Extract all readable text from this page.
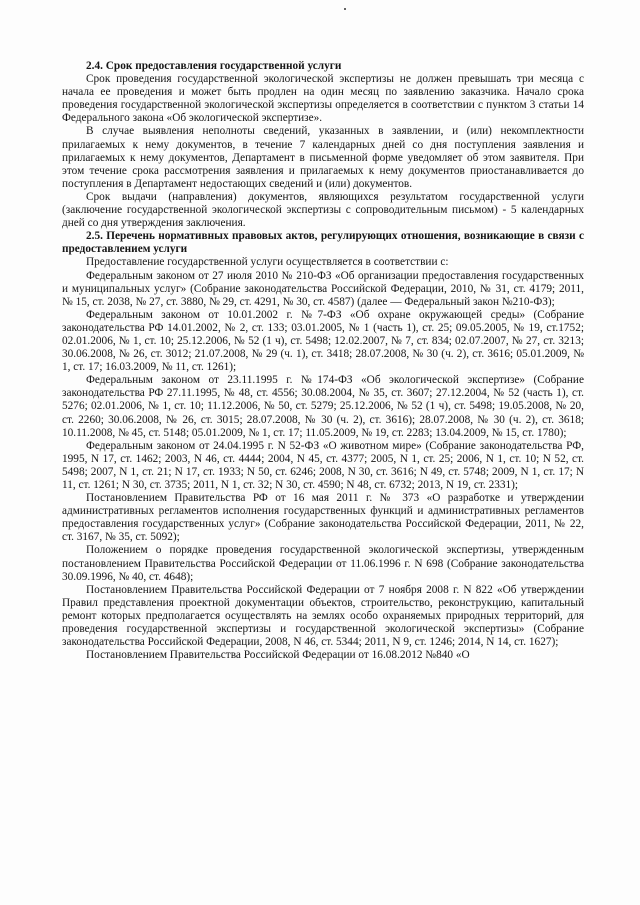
2.4. Срок предоставления государственной услуги

Срок проведения государственной экологической экспертизы не должен превышать три месяца с начала ее проведения и может быть продлен на один месяц по заявлению заказчика. Начало срока проведения государственной экологической экспертизы определяется в соответствии с пунктом 3 статьи 14 Федерального закона «Об экологической экспертизе».

В случае выявления неполноты сведений, указанных в заявлении, и (или) некомплектности прилагаемых к нему документов, в течение 7 календарных дней со дня поступления заявления и прилагаемых к нему документов, Департамент в письменной форме уведомляет об этом заявителя. При этом течение срока рассмотрения заявления и прилагаемых к нему документов приостанавливается до поступления в Департамент недостающих сведений и (или) документов.

Срок выдачи (направления) документов, являющихся результатом государственной услуги (заключение государственной экологической экспертизы с сопроводительным письмом) - 5 календарных дней со дня утверждения заключения.

2.5. Перечень нормативных правовых актов, регулирующих отношения, возникающие в связи с предоставлением услуги

Предоставление государственной услуги осуществляется в соответствии с:

Федеральным законом от 27 июля 2010 № 210-ФЗ «Об организации предоставления государственных и муниципальных услуг» (Собрание законодательства Российской Федерации, 2010, № 31, ст. 4179; 2011, № 15, ст. 2038, № 27, ст. 3880, № 29, ст. 4291, № 30, ст. 4587) (далее — Федеральный закон №210-ФЗ);

Федеральным законом от 10.01.2002 г. №7-ФЗ «Об охране окружающей среды» (Собрание законодательства РФ 14.01.2002, № 2, ст. 133; 03.01.2005, № 1 (часть 1), ст. 25; 09.05.2005, № 19, ст.1752; 02.01.2006, № 1, ст. 10; 25.12.2006, № 52 (1 ч), ст. 5498; 12.02.2007, № 7, ст. 834; 02.07.2007, № 27, ст. 3213; 30.06.2008, № 26, ст. 3012; 21.07.2008, № 29 (ч. 1), ст. 3418; 28.07.2008, № 30 (ч. 2), ст. 3616; 05.01.2009, № 1, ст. 17; 16.03.2009, № 11, ст. 1261);

Федеральным законом от 23.11.1995 г. №174-ФЗ «Об экологической экспертизе» (Собрание законодательства РФ 27.11.1995, № 48, ст. 4556; 30.08.2004, № 35, ст. 3607; 27.12.2004, № 52 (часть 1), ст. 5276; 02.01.2006, № 1, ст. 10; 11.12.2006, № 50, ст. 5279; 25.12.2006, № 52 (1 ч), ст. 5498; 19.05.2008, № 20, ст. 2260; 30.06.2008, № 26, ст. 3015; 28.07.2008, № 30 (ч. 2), ст. 3616); 28.07.2008, № 30 (ч. 2), ст. 3618; 10.11.2008, № 45, ст. 5148; 05.01.2009, № 1, ст. 17; 11.05.2009, № 19, ст. 2283; 13.04.2009, № 15, ст. 1780);

Федеральным законом от 24.04.1995 г. N 52-ФЗ «О животном мире» (Собрание законодательства РФ, 1995, N 17, ст. 1462; 2003, N 46, ст. 4444; 2004, N 45, ст. 4377; 2005, N 1, ст. 25; 2006, N 1, ст. 10; N 52, ст. 5498; 2007, N 1, ст. 21; N 17, ст. 1933; N 50, ст. 6246; 2008, N 30, ст. 3616; N 49, ст. 5748; 2009, N 1, ст. 17; N 11, ст. 1261; N 30, ст. 3735; 2011, N 1, ст. 32; N 30, ст. 4590; N 48, ст. 6732; 2013, N 19, ст. 2331);

Постановлением Правительства РФ от 16 мая 2011 г. № 373 «О разработке и утверждении административных регламентов исполнения государственных функций и административных регламентов предоставления государственных услуг» (Собрание законодательства Российской Федерации, 2011, № 22, ст. 3167, № 35, ст. 5092);

Положением о порядке проведения государственной экологической экспертизы, утвержденным постановлением Правительства Российской Федерации от 11.06.1996 г. N 698 (Собрание законодательства 30.09.1996, № 40, ст. 4648);

Постановлением Правительства Российской Федерации от 7 ноября 2008 г. N 822 «Об утверждении Правил представления проектной документации объектов, строительство, реконструкцию, капитальный ремонт которых предполагается осуществлять на землях особо охраняемых природных территорий, для проведения государственной экспертизы и государственной экологической экспертизы» (Собрание законодательства Российской Федерации, 2008, N 46, ст. 5344; 2011, N 9, ст. 1246; 2014, N 14, ст. 1627);

Постановлением Правительства Российской Федерации от 16.08.2012 №840 «О
